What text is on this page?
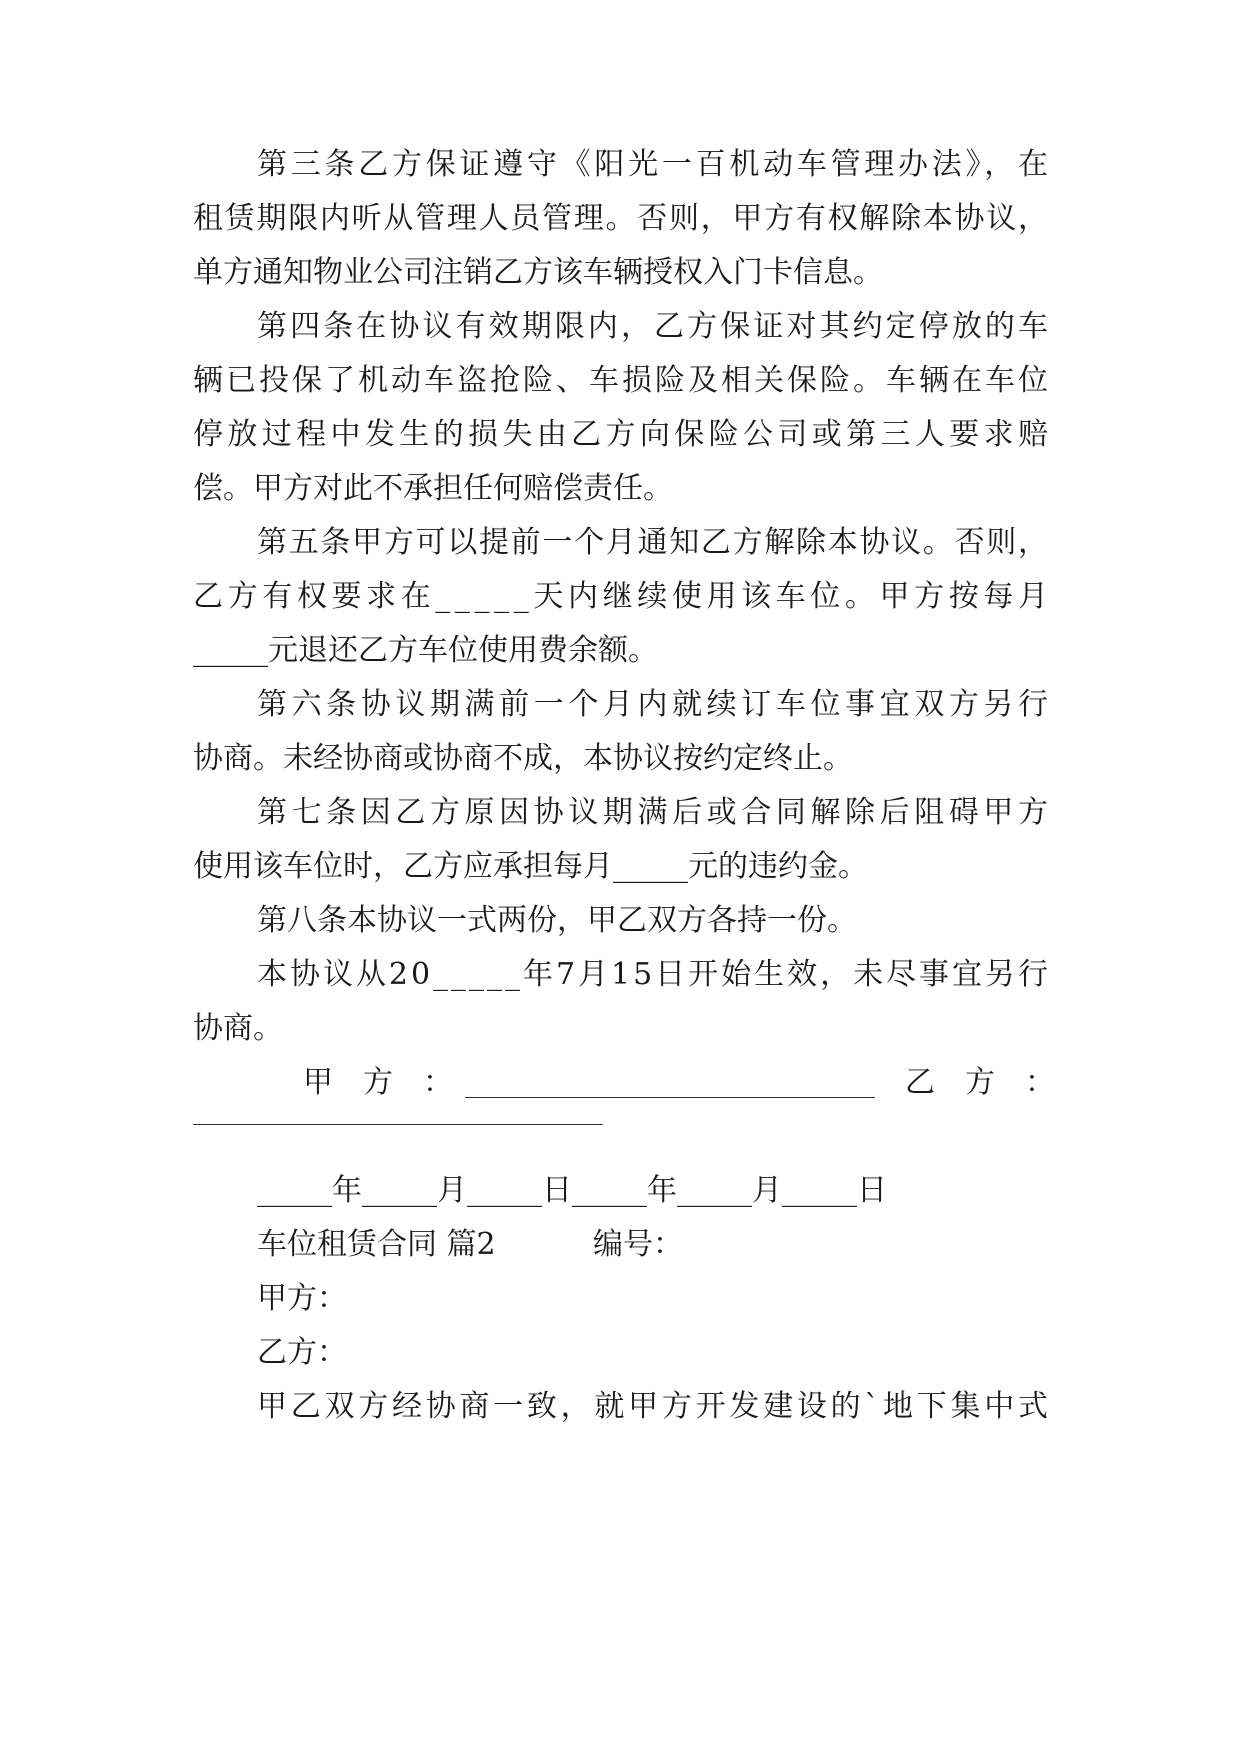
第三条乙方保证遵守《阳光一百机动车管理办法》，在
租赁期限内听从管理人员管理。否则，甲方有权解除本协议，
单方通知物业公司注销乙方该车辆授权入门卡信息。
第四条在协议有效期限内，乙方保证对其约定停放的车
辆已投保了机动车盗抢险、车损险及相关保险。车辆在车位
停放过程中发生的损失由乙方向保险公司或第三人要求赔
偿。甲方对此不承担任何赔偿责任。
第五条甲方可以提前一个月通知乙方解除本协议。否则，
乙方有权要求在_____天内继续使用该车位。甲方按每月
_____元退还乙方车位使用费余额。
第六条协议期满前一个月内就续订车位事宜双方另行
协商。未经协商或协商不成，本协议按约定终止。
第七条因乙方原因协议期满后或合同解除后阻碍甲方
使用该车位时，乙方应承担每月_____元的违约金。
第八条本协议一式两份，甲乙双方各持一份。
本协议从20_____年7月15日开始生效，未尽事宜另行
协商。
甲　方　：	乙　方　：
_____年_____月_____日_____年_____月_____日
车位租赁合同 篇2	编号：
甲方：
乙方：
甲乙双方经协商一致，就甲方开发建设的`地下集中式
